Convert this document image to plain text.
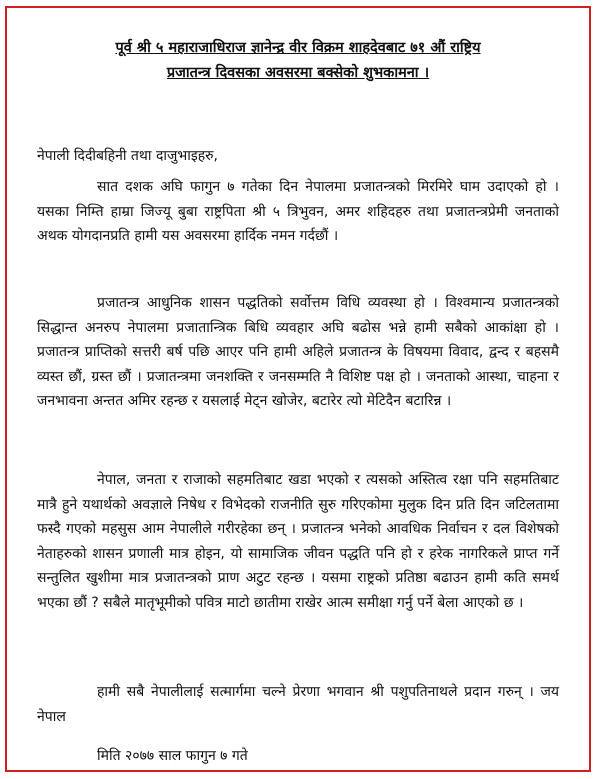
पूर्व श्री ५ महाराजाधिराज ज्ञानेन्द्र वीर विक्रम शाहदेवबाट ७१ औं राष्ट्रिय
प्रजातन्त्र दिवसका अवसरमा बक्सेको शुभकामना ।
नेपाली दिदीबहिनी तथा दाजुभाइहरु,

सात दशक अघि फागुन ७ गतेका दिन नेपालमा प्रजातन्त्रको मिरमिरे घाम उदाएको हो । यसका निम्ति हाम्रा जिज्यू बुबा राष्ट्रपिता श्री ५ त्रिभुवन, अमर शहिदहरु तथा प्रजातन्त्रप्रेमी जनताको अथक योगदानप्रति हामी यस अवसरमा हार्दिक नमन गर्दछौं ।

प्रजातन्त्र आधुनिक शासन पद्धतिको सर्वोत्तम विधि व्यवस्था हो । विश्वमान्य प्रजातन्त्रको सिद्धान्त अनरुप नेपालमा प्रजातान्त्रिक बिधि व्यवहार अघि बढोस भन्ने हामी सबैको आकांक्षा हो । प्रजातन्त्र प्राप्तिको सत्तरी बर्ष पछि आएर पनि हामी अहिले प्रजातन्त्र के विषयमा विवाद, द्वन्द र बहसमै व्यस्त छौं, ग्रस्त छौं । प्रजातन्त्रमा जनशक्ति र जनसम्मति नै विशिष्ट पक्ष हो । जनताको आस्था, चाहना र जनभावना अन्तत अमिर रहन्छ र यसलाई मेट्न खोजेर, बटारेर त्यो मेटिदैन बटारिन्न ।

नेपाल, जनता र राजाको सहमतिबाट खडा भएको र त्यसको अस्तित्व रक्षा पनि सहमतिबाट मात्रै हुने यथार्थको अवज्ञाले निषेध र विभेदको राजनीति सुरु गरिएकोमा मुलुक दिन प्रति दिन जटिलतामा फस्दै गएको महसुस आम नेपालीले गरीरहेका छन् । प्रजातन्त्र भनेको आवधिक निर्वाचन र दल विशेषको नेताहरुको शासन प्रणाली मात्र होइन, यो सामाजिक जीवन पद्धति पनि हो र हरेक नागरिकले प्राप्त गर्ने सन्तुलित खुशीमा मात्र प्रजातन्त्रको प्राण अटुट रहन्छ । यसमा राष्ट्रको प्रतिष्ठा बढाउन हामी कति समर्थ भएका छौं ? सबैले मातृभूमीको पवित्र माटो छातीमा राखेर आत्म समीक्षा गर्नु पर्ने बेला आएको छ ।

हामी सबै नेपालीलाई सत्मार्गमा चल्ने प्रेरणा भगवान श्री पशुपतिनाथले प्रदान गरुन् । जय नेपाल

मिति २०७७ साल फागुन ७ गते
